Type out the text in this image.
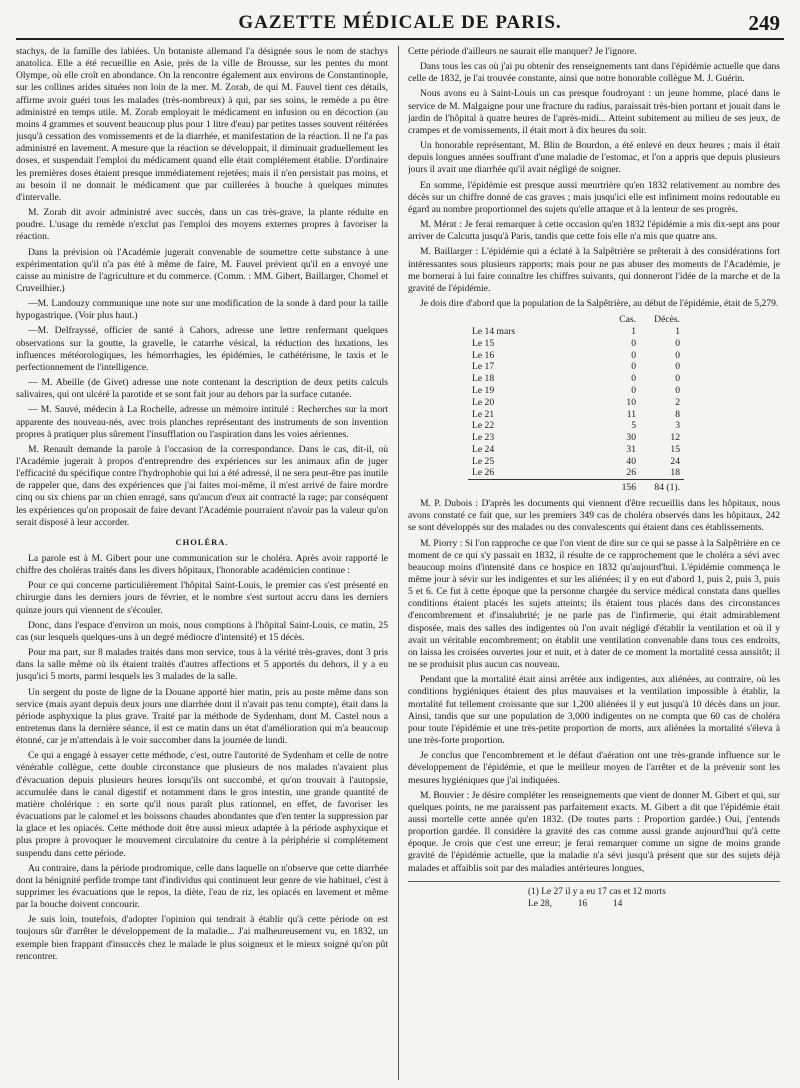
GAZETTE MÉDICALE DE PARIS.	249

stachys, de la famille des labiées. Un botaniste allemand l'a désignée sous le nom de stachys anatolica. Elle a été recueillie en Asie, près de la ville de Brousse, sur les pentes du mont Olympe, où elle croît en abondance. On la rencontre également aux environs de Constantinople, sur les collines arides situées non loin de la mer. M. Zorab, de qui M. Fauvel tient ces détails, affirme avoir guéri tous les malades (très-nombreux) à qui, par ses soins, le remède a pu être administré en temps utile. M. Zorab employait le médicament en infusion ou en décoction (au moins 4 grammes et souvent beaucoup plus pour 1 litre d'eau) par petites tasses souvent réitérées jusqu'à cessation des vomissements et de la diarrhée, et manifestation de la réaction. Il ne l'a pas administré en lavement. A mesure que la réaction se développait, il diminuait graduellement les doses, et suspendait l'emploi du médicament quand elle était complétement établie. D'ordinaire les premières doses étaient presque immédiatement rejetées; mais il n'en persistait pas moins, et au besoin il ne donnait le médicament que par cuillerées à bouche à quelques minutes d'intervalle.

M. Zorab dit avoir administré avec succès, dans un cas très-grave, la plante réduite en poudre. L'usage du remède n'exclut pas l'emploi des moyens externes propres à favoriser la réaction.

Dans la prévision où l'Académie jugerait convenable de soumettre cette substance à une expérimentation qu'il n'a pas été à même de faire, M. Fauvel prévient qu'il en a envoyé une caisse au ministre de l'agriculture et du commerce. (Comm. : MM. Gibert, Baillarger, Chomel et Cruveilhier.)

—M. Landouzy communique une note sur une modification de la sonde à dard pour la taille hypogastrique. (Voir plus haut.)

—M. Delfrayssé, officier de santé à Cahors, adresse une lettre renfermant quelques observations sur la goutte, la gravelle, le catarrhe vésical, la réduction des luxations, les influences météorologiques, les hémorrhagies, les épidémies, le cathétérisme, le taxis et le perfectionnement de l'intelligence.

— M. Abeille (de Givet) adresse une note contenant la description de deux petits calculs salivaires, qui ont ulcéré la parotide et se sont fait jour au dehors par la surface cutanée.

— M. Sauvé, médecin à La Rochelle, adresse un mémoire intitulé : Recherches sur la mort apparente des nouveau-nés, avec trois planches représentant des instruments de son invention propres à pratiquer plus sûrement l'insufflation ou l'aspiration dans les voies aériennes.

M. Renault demande la parole à l'occasion de la correspondance. Dans le cas, dit-il, où l'Académie jugerait à propos d'entreprendre des expériences sur les animaux afin de juger l'efficacité du spécifique contre l'hydrophobie qui lui a été adressé, il ne sera peut-être pas inutile de rappeler que, dans des expériences que j'ai faites moi-même, il m'est arrivé de faire mordre cinq ou six chiens par un chien enragé, sans qu'aucun d'eux ait contracté la rage; par conséquent les expériences qu'on proposait de faire devant l'Académie pourraient n'avoir pas la valeur qu'on serait disposé à leur accorder.

CHOLÉRA.

La parole est à M. Gibert pour une communication sur le choléra. Après avoir rapporté le chiffre des choléras traités dans les divers hôpitaux, l'honorable académicien continue :

Pour ce qui concerne particulièrement l'hôpital Saint-Louis, le premier cas s'est présenté en chirurgie dans les derniers jours de février, et le nombre s'est surtout accru dans les derniers quinze jours qui viennent de s'écouler.

Donc, dans l'espace d'environ un mois, nous comptions à l'hôpital Saint-Louis, ce matin, 25 cas (sur lesquels quelques-uns à un degré médiocre d'intensité) et 15 décès.

Pour ma part, sur 8 malades traités dans mon service, tous à la vérité très-graves, dont 3 pris dans la salle même où ils étaient traités d'autres affections et 5 apportés du dehors, il y a eu jusqu'ici 5 morts, parmi lesquels les 3 malades de la salle.

Un sergent du poste de ligne de la Douane apporté hier matin, pris au poste même dans son service (mais ayant depuis deux jours une diarrhée dont il n'avait pas tenu compte), était dans la période asphyxique la plus grave. Traité par la méthode de Sydenham, dont M. Castel nous a entretenus dans la dernière séance, il est ce matin dans un état d'amélioration qui m'a beaucoup étonné, car je m'attendais à le voir succomber dans la journée de lundi.

Ce qui a engagé à essayer cette méthode, c'est, outre l'autorité de Sydenham et celle de notre vénérable collègue, cette double circonstance que plusieurs de nos malades n'avaient plus d'évacuation depuis plusieurs heures lorsqu'ils ont succombé, et qu'on trouvait à l'autopsie, accumulée dans le canal digestif et notamment dans le gros intestin, une grande quantité de matière cholérique : en sorte qu'il nous paraît plus rationnel, en effet, de favoriser les évacuations par le calomel et les boissons chaudes abondantes que d'en tenter la suppression par la glace et les opiacés. Cette méthode doit être aussi mieux adaptée à la période asphyxique et plus propre à provoquer le mouvement circulatoire du centre à la périphérie si complétement suspendu dans cette période.

Au contraire, dans la période prodromique, celle dans laquelle on n'observe que cette diarrhée dont la bénignité perfide trompe tant d'individus qui continuent leur genre de vie habituel, c'est à supprimer les évacuations que le repos, la diète, l'eau de riz, les opiacés en lavement et même par la bouche doivent concourir.

Je suis loin, toutefois, d'adopter l'opinion qui tendrait à établir qu'à cette période on est toujours sûr d'arrêter le développement de la maladie... J'ai malheureusement vu, en 1832, un exemple bien frappant d'insuccès chez le malade le plus soigneux et le mieux soigné qu'on pût rencontrer.

Cette période d'ailleurs ne saurait elle manquer? Je l'ignore.

Dans tous les cas où j'ai pu obtenir des renseignements tant dans l'épidémie actuelle que dans celle de 1832, je l'ai trouvée constante, ainsi que notre honorable collègue M. J. Guérin.

Nous avons eu à Saint-Louis un cas presque foudroyant : un jeune homme, placé dans le service de M. Malgaigne pour une fracture du radius, paraissait très-bien portant et jouait dans le jardin de l'hôpital à quatre heures de l'après-midi... Atteint subitement au milieu de ses jeux, de crampes et de vomissements, il était mort à dix heures du soir.

Un honorable représentant, M. Blin de Bourdon, a été enlevé en deux heures ; mais il était depuis longues années souffrant d'une maladie de l'estomac, et l'on a appris que depuis plusieurs jours il avait une diarrhée qu'il avait négligé de soigner.

En somme, l'épidémie est presque aussi meurtrière qu'en 1832 relativement au nombre des décès sur un chiffre donné de cas graves ; mais jusqu'ici elle est infiniment moins redoutable eu égard au nombre proportionnel des sujets qu'elle attaque et à la lenteur de ses progrès.

M. Mérat : Je ferai remarquer à cette occasion qu'en 1832 l'épidémie a mis dix-sept ans pour arriver de Calcutta jusqu'à Paris, tandis que cette fois elle n'a mis que quatre ans.

M. Baillarger : L'épidémie qui a éclaté à la Salpêtrière se prêterait à des considérations fort intéressantes sous plusieurs rapports; mais pour ne pas abuser des moments de l'Académie, je me bornerai à lui faire connaître les chiffres suivants, qui donneront l'idée de la marche et de la gravité de l'épidémie.

Je dois dire d'abord que la population de la Salpêtrière, au début de l'épidémie, était de 5,279.

	Cas.	Décès.
Le 14 mars	1	1
Le 15	0	0
Le 16	0	0
Le 17	0	0
Le 18	0	0
Le 19	0	0
Le 20	10	2
Le 21	11	8
Le 22	5	3
Le 23	30	12
Le 24	31	15
Le 25	40	24
Le 26	26	18
	156	84 (1).

M. P. Dubois : D'après les documents qui viennent d'être recueillis dans les hôpitaux, nous avons constaté ce fait que, sur les premiers 349 cas de choléra observés dans les hôpitaux, 242 se sont développés sur des malades ou des convalescents qui étaient dans ces établissements.

M. Piorry : Si l'on rapproche ce que l'on vient de dire sur ce qui se passe à la Salpêtrière en ce moment de ce qui s'y passait en 1832, il résulte de ce rapprochement que le choléra a sévi avec beaucoup moins d'intensité dans ce hospice en 1832 qu'aujourd'hui. L'épidémie commença le même jour à sévir sur les indigentes et sur les aliénées; il y en eut d'abord 1, puis 2, puis 3, puis 5 et 6. Ce fut à cette époque que la personne chargée du service médical constata dans quelles conditions étaient placés les sujets atteints; ils étaient tous placés dans des circonstances d'encombrement et d'insalubrité; je ne parle pas de l'infirmerie, qui était admirablement disposée, mais des salles des indigentes où l'on avait négligé d'établir la ventilation et où il y avait un véritable encombrement; on établit une ventilation convenable dans tous ces endroits, on laissa les croisées ouvertes jour et nuit, et à dater de ce moment la mortalité cessa aussitôt; il ne se produisit plus aucun cas nouveau.

Pendant que la mortalité était ainsi arrêtée aux indigentes, aux aliénées, au contraire, où les conditions hygiéniques étaient des plus mauvaises et la ventilation impossible à établir, la mortalité fut tellement croissante que sur 1,200 aliénées il y eut jusqu'à 10 décès dans un jour. Ainsi, tandis que sur une population de 3,000 indigentes on ne compta que 60 cas de choléra pour toute l'épidémie et une très-petite proportion de morts, aux aliénées la mortalité s'éleva à une très-forte proportion.

Je conclus que l'encombrement et le défaut d'aération ont une très-grande influence sur le développement de l'épidémie, et que le meilleur moyen de l'arrêter et de la prévenir sont les mesures hygiéniques que j'ai indiquées.

M. Bouvier : Je désire compléter les renseignements que vient de donner M. Gibert et qui, sur quelques points, ne me paraissent pas parfaitement exacts. M. Gibert a dit que l'épidémie était aussi mortelle cette année qu'en 1832. (De toutes parts : Proportion gardée.) Oui, j'entends proportion gardée. Il considère la gravité des cas comme aussi grande aujourd'hui qu'à cette époque. Je crois que c'est une erreur; je ferai remarquer comme un signe de moins grande gravité de l'épidémie actuelle, que la maladie n'a sévi jusqu'à présent que sur des sujets déjà malades et affaiblis soit par des maladies antérieures longues,

(1) Le 27 il y a eu 17 cas et 12 morts
Le 28,           16           14
